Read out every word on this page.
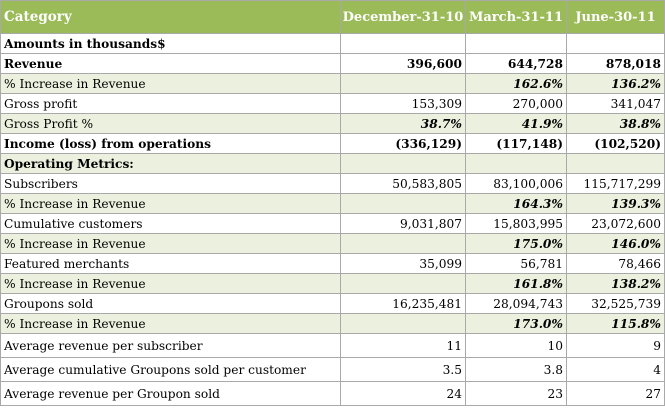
Category	December-31-10	March-31-11	June-30-11
Amounts in thousands$			
Revenue	396,600	644,728	878,018
% Increase in Revenue		162.6%	136.2%
Gross profit	153,309	270,000	341,047
Gross Profit %	38.7%	41.9%	38.8%
Income (loss) from operations	(336,129)	(117,148)	(102,520)
Operating Metrics:			
Subscribers	50,583,805	83,100,006	115,717,299
% Increase in Revenue		164.3%	139.3%
Cumulative customers	9,031,807	15,803,995	23,072,600
% Increase in Revenue		175.0%	146.0%
Featured merchants	35,099	56,781	78,466
% Increase in Revenue		161.8%	138.2%
Groupons sold	16,235,481	28,094,743	32,525,739
% Increase in Revenue		173.0%	115.8%
Average revenue per subscriber	11	10	9
Average cumulative Groupons sold per customer	3.5	3.8	4
Average revenue per Groupon sold	24	23	27
